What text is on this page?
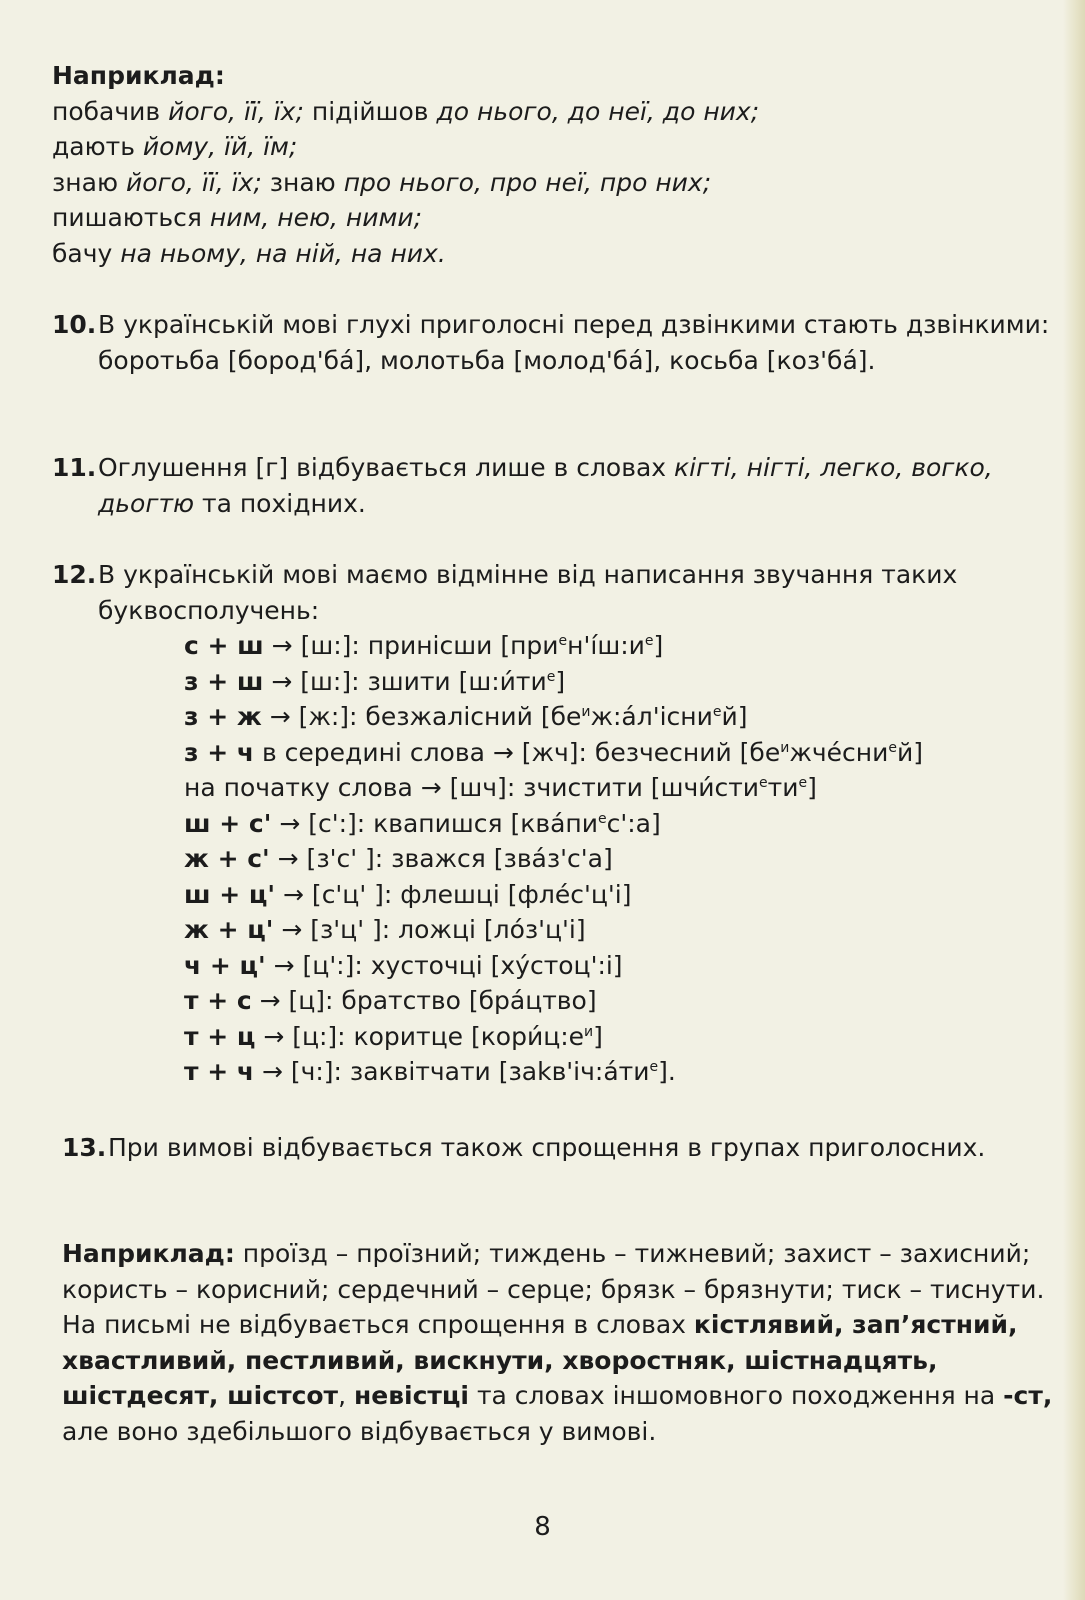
Наприклад:
побачив його, її, їх; підійшов до нього, до неї, до них;
дають йому, їй, їм;
знаю його, її, їх; знаю про нього, про неї, про них;
пишаються ним, нею, ними;
бачу на ньому, на ній, на них.
10. В українській мові глухі приголосні перед дзвінкими стають дзвінкими: боротьба [бород'ба́], молотьба [молод'ба́], косьба [коз'ба́].
11. Оглушення [г] відбувається лише в словах кігті, нігті, легко, вогко, дьогтю та похідних.
12. В українській мові маємо відмінне від написання звучання таких буквосполучень:
с + ш → [ш:]: принісши $[при^ен'і́ш:и^е]$
з + ш → [ш:]: зшити $[ш:и́ти^е]$
з + ж → [ж:]: безжалісний $[бе^иж:а́л'існи^ей]$
з + ч в середині слова → [жч]: безчесний $[бе^ижче́сни^ей]$
на початку слова → [шч]: зчистити $[шчи́сти^ети^е]$
ш + с' → [с':]: квапишся $[ква́пи^ес':а]$
ж + с' → [з'с' ]: зважся [зва́з'с'а]
ш + ц' → [с'ц' ]: флешці [фле́с'ц'і]
ж + ц' → [з'ц' ]: ложці [ло́з'ц'і]
ч + ц' → [ц':]: хусточці [ху́стоц':і]
т + с → [ц]: братство [бра́цтво]
т + ц → [ц:]: коритце $[кори́ц:е^и]$
т + ч → [ч:]: заквітчати $[заkв'іч:а́ти^е]$.
13. При вимові відбувається також спрощення в групах приголосних.
Наприклад: проїзд – проїзний; тиждень – тижневий; захист – захисний; користь – корисний; сердечний – серце; брязк – брязнути; тиск – тиснути. На письмі не відбувається спрощення в словах кістлявий, зап’ястний, хвастливий, пестливий, вискнути, хворостняк, шістнадцять, шістдесят, шістсот, невістці та словах іншомовного походження на -ст, але воно здебільшого відбувається у вимові.
8
